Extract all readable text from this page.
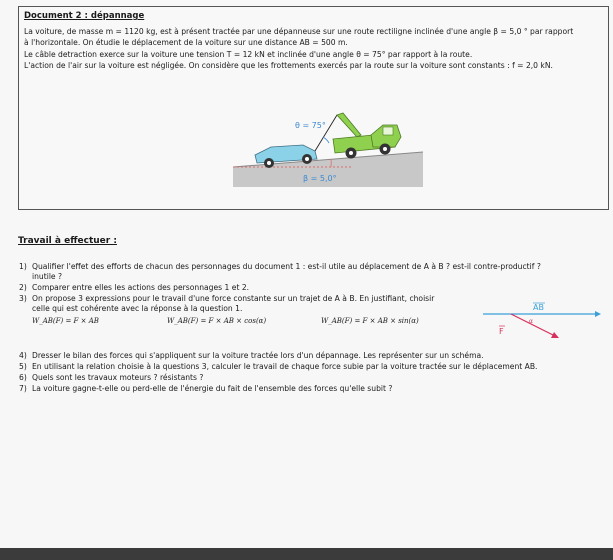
Document 2 : dépannage

La voiture, de masse m = 1120 kg, est à présent tractée par une dépanneuse sur une route rectiligne inclinée d'une angle β = 5,0 ° par rapport

à l'horizontale. On étudie le déplacement de la voiture sur une distance AB = 500 m.

Le câble detraction exerce sur la voiture une tension T = 12 kN et inclinée d'une angle θ = 75° par rapport à la route.

L'action de l'air sur la voiture est négligée. On considère que les frottements exercés par la route sur la voiture sont constants : f = 2,0 kN.

θ = 75°
β = 5,0°
Travail à effectuer :
1) Qualifier l'effet des efforts de chacun des personnages du document 1 : est-il utile au déplacement de A à B ? est-il contre-productif ?
inutile ?
2) Comparer entre elles les actions des personnages 1 et 2.
3) On propose 3 expressions pour le travail d'une force constante sur un trajet de A à B. En justifiant, choisir
celle qui est cohérente avec la réponse à la question 1.
W_AB(F) = F × AB	W_AB(F) = F × AB × cos(α)	W_AB(F) = F × AB × sin(α)
4) Dresser le bilan des forces qui s'appliquent sur la voiture tractée lors d'un dépannage. Les représenter sur un schéma.
5) En utilisant la relation choisie à la questions 3, calculer le travail de chaque force subie par la voiture tractée sur le déplacement AB.
6) Quels sont les travaux moteurs ? résistants ?
7) La voiture gagne-t-elle ou perd-elle de l'énergie du fait de l'ensemble des forces qu'elle subit ?
AB
F
α
